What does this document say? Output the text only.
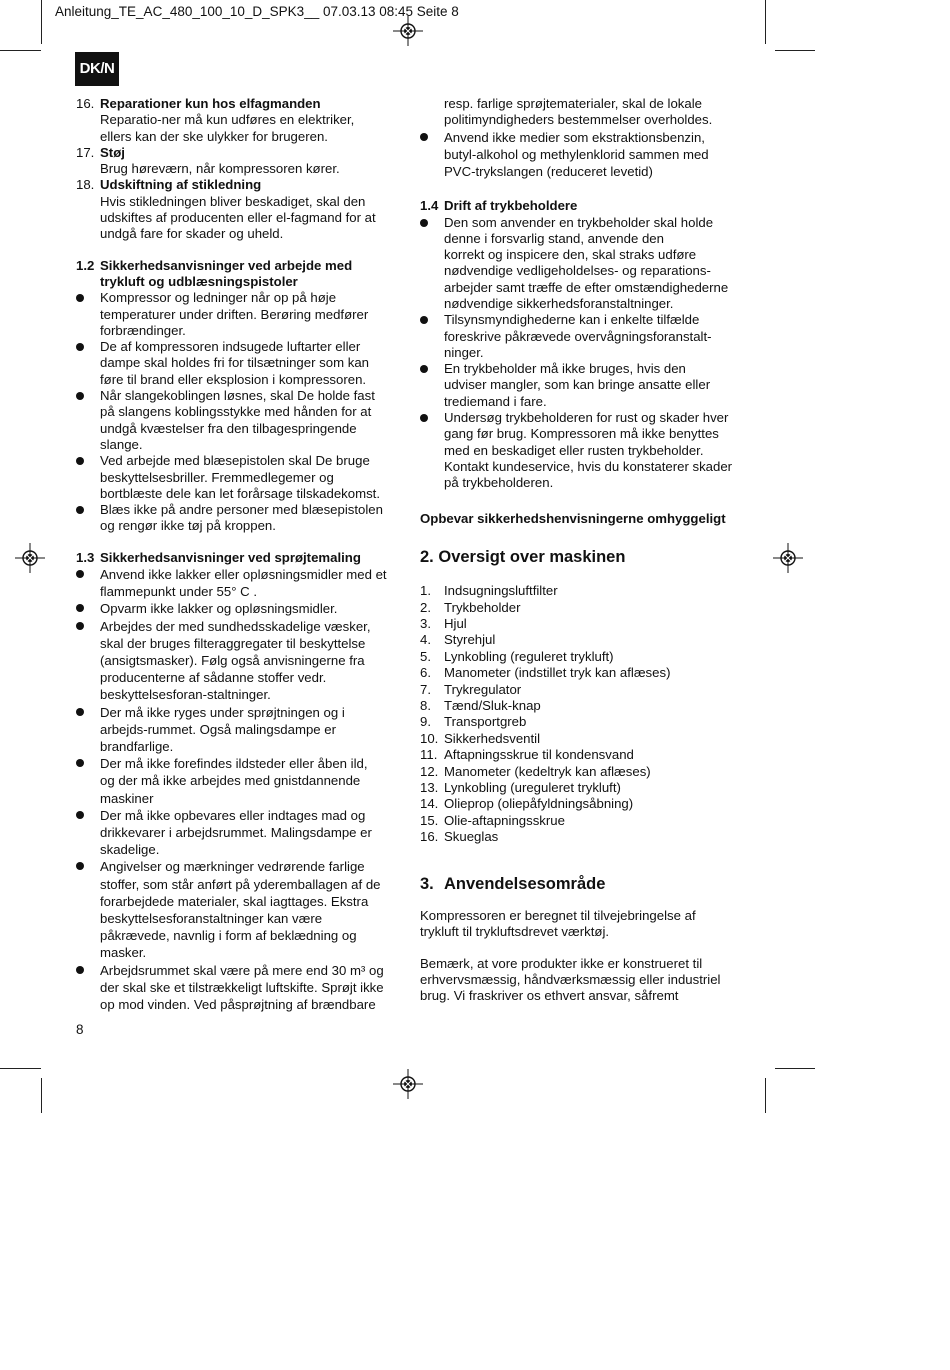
Anleitung_TE_AC_480_100_10_D_SPK3__ 07.03.13 08:45 Seite 8
DK/N
16. Reparationer kun hos elfagmanden
Reparatio-ner må kun udføres en elektriker,
ellers kan der ske ulykker for brugeren.
17. Støj
Brug høreværn, når kompressoren kører.
18. Udskiftning af stikledning
Hvis stikledningen bliver beskadiget, skal den
udskiftes af producenten eller el-fagmand for at
undgå fare for skader og uheld.
1.2 Sikkerhedsanvisninger ved arbejde med
trykluft og udblæsningspistoler
Kompressor og ledninger når op på høje
temperaturer under driften. Berøring medfører
forbrændinger.
De af kompressoren indsugede luftarter eller
dampe skal holdes fri for tilsætninger som kan
føre til brand eller eksplosion i kompressoren.
Når slangekoblingen løsnes, skal De holde fast
på slangens koblingsstykke med hånden for at
undgå kvæstelser fra den tilbagespringende
slange.
Ved arbejde med blæsepistolen skal De bruge
beskyttelsesbriller. Fremmedlegemer og
bortblæste dele kan let forårsage tilskadekomst.
Blæs ikke på andre personer med blæsepistolen
og rengør ikke tøj på kroppen.
1.3 Sikkerhedsanvisninger ved sprøjtemaling
Anvend ikke lakker eller opløsningsmidler med et
flammepunkt under 55° C .
Opvarm ikke lakker og opløsningsmidler.
Arbejdes der med sundhedsskadelige væsker,
skal der bruges filteraggregater til beskyttelse
(ansigtsmasker). Følg også anvisningerne fra
producenterne af sådanne stoffer vedr.
beskyttelsesforan-staltninger.
Der må ikke ryges under sprøjtningen og i
arbejds-rummet. Også malingsdampe er
brandfarlige.
Der må ikke forefindes ildsteder eller åben ild,
og der må ikke arbejdes med gnistdannende
maskiner
Der må ikke opbevares eller indtages mad og
drikkevarer i arbejdsrummet. Malingsdampe er
skadelige.
Angivelser og mærkninger vedrørende farlige
stoffer, som står anført på yderemballagen af de
forarbejdede materialer, skal iagttages. Ekstra
beskyttelsesforanstaltninger kan være
påkrævede, navnlig i form af beklædning og
masker.
Arbejdsrummet skal være på mere end 30 m³ og
der skal ske et tilstrækkeligt luftskifte. Sprøjt ikke
op mod vinden. Ved påsprøjtning af brændbare
8
resp. farlige sprøjtematerialer, skal de lokale
politimyndigheders bestemmelser overholdes.
Anvend ikke medier som ekstraktionsbenzin,
butyl-alkohol og methylenklorid sammen med
PVC-trykslangen (reduceret levetid)
1.4 Drift af trykbeholdere
Den som anvender en trykbeholder skal holde
denne i forsvarlig stand, anvende den
korrekt og inspicere den, skal straks udføre
nødvendige vedligeholdelses- og reparations-
arbejder samt træffe de efter omstændighederne
nødvendige sikkerhedsforanstaltninger.
Tilsynsmyndighederne kan i enkelte tilfælde
foreskrive påkrævede overvågningsforanstalt-
ninger.
En trykbeholder må ikke bruges, hvis den
udviser mangler, som kan bringe ansatte eller
trediemand i fare.
Undersøg trykbeholderen for rust og skader hver
gang før brug. Kompressoren må ikke benyttes
med en beskadiget eller rusten trykbeholder.
Kontakt kundeservice, hvis du konstaterer skader
på trykbeholderen.
Opbevar sikkerhedshenvisningerne omhyggeligt
2. Oversigt over maskinen
1. Indsugningsluftfilter
2. Trykbeholder
3. Hjul
4. Styrehjul
5. Lynkobling (reguleret trykluft)
6. Manometer (indstillet tryk kan aflæses)
7. Trykregulator
8. Tænd/Sluk-knap
9. Transportgreb
10. Sikkerhedsventil
11. Aftapningsskrue til kondensvand
12. Manometer (kedeltryk kan aflæses)
13. Lynkobling (ureguleret trykluft)
14. Olieprop (oliepåfyldningsåbning)
15. Olie-aftapningsskrue
16. Skueglas
3. Anvendelsesområde
Kompressoren er beregnet til tilvejebringelse af
trykluft til trykluftsdrevet værktøj.
Bemærk, at vore produkter ikke er konstrueret til
erhvervsmæssig, håndværksmæssig eller industriel
brug. Vi fraskriver os ethvert ansvar, såfremt
